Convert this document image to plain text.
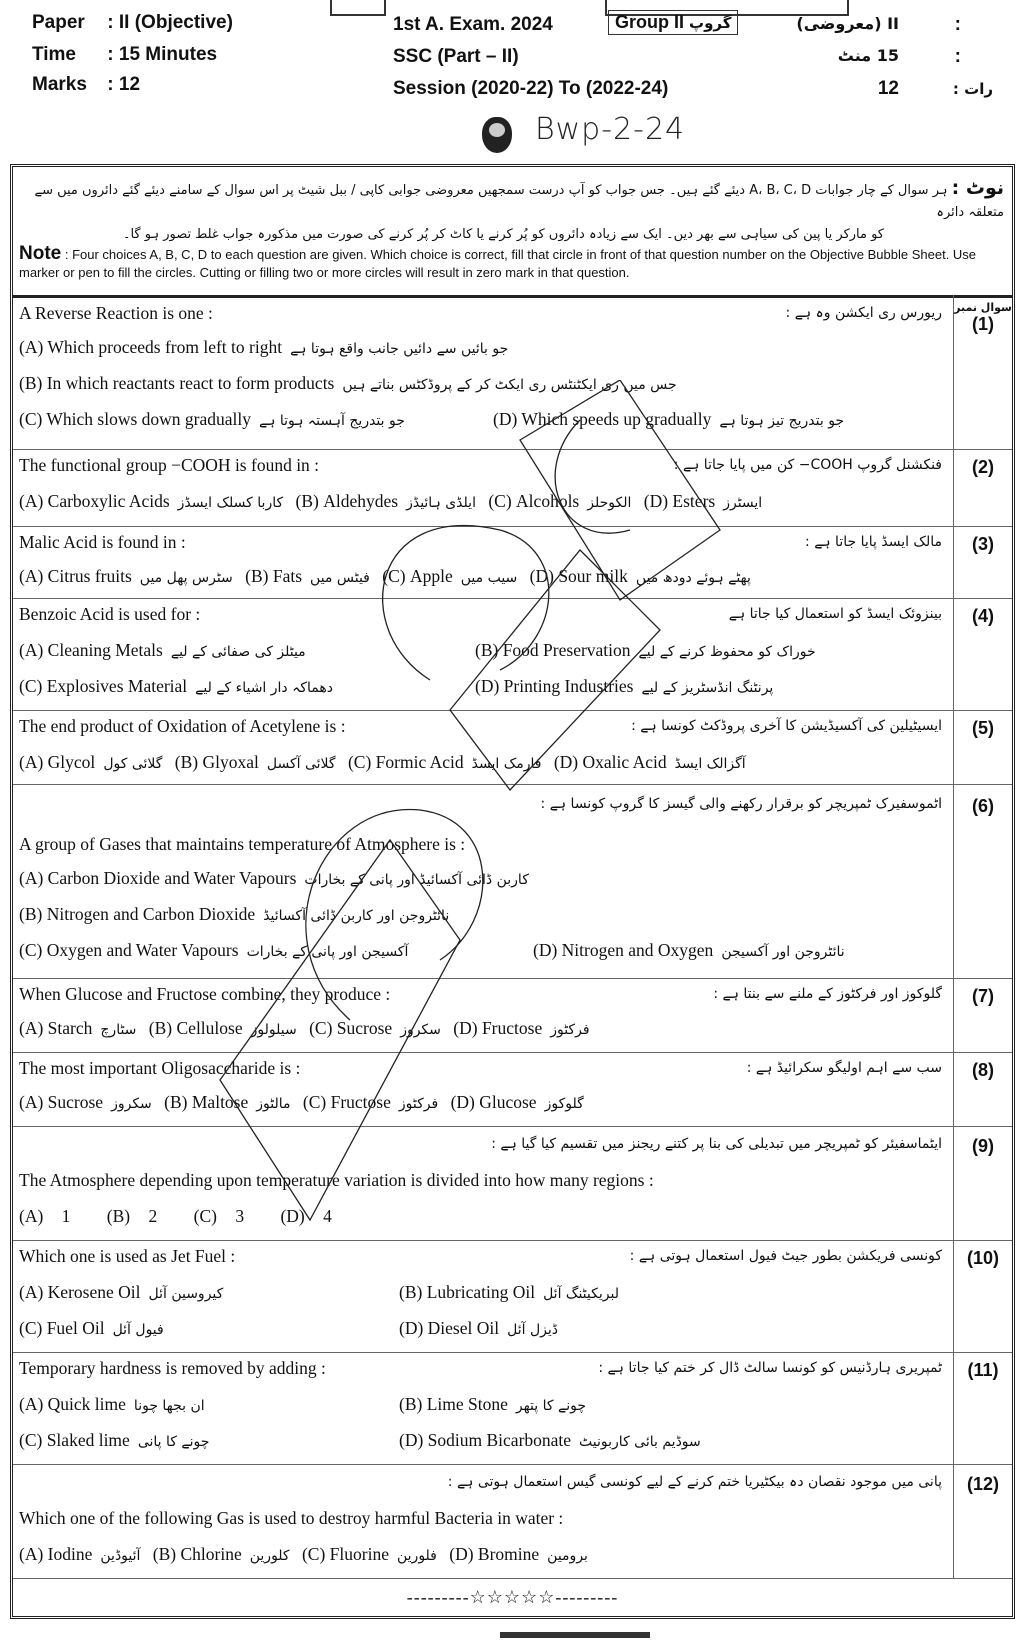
Paper : II (Objective)
Time : 15 Minutes
Marks : 12
1st A. Exam. 2024	Group II گروپ
SSC (Part – II)
Session (2020-22) To (2022-24)
II (معروضی)	:
15 منٹ	:
12	رات :
Bwp-2-24
نوٹ : ہر سوال کے چار جوابات A، B، C، D دیئے گئے ہیں۔ جس جواب کو آپ درست سمجھیں معروضی جوابی کاپی / ببل شیٹ پر اس سوال کے سامنے دیئے گئے دائروں میں سے متعلقہ دائرہ
کو مارکر یا پین کی سیاہی سے بھر دیں۔ ایک سے زیادہ دائروں کو پُر کرنے یا کاٹ کر پُر کرنے کی صورت میں مذکورہ جواب غلط تصور ہو گا۔
Note : Four choices A, B, C, D to each question are given. Which choice is correct, fill that circle in front of that question number on the Objective Bubble Sheet. Use marker or pen to fill the circles. Cutting or filling two or more circles will result in zero mark in that question.
A Reverse Reaction is one :	ریورس ری ایکشن وہ ہے :
(A) Which proceeds from left to right جو بائیں سے دائیں جانب واقع ہوتا ہے
(B) In which reactants react to form products جس میں ری ایکٹنٹس ری ایکٹ کر کے پروڈکٹس بناتے ہیں
(C) Which slows down gradually جو بتدریج آہستہ ہوتا ہے	(D) Which speeds up gradually جو بتدریج تیز ہوتا ہے
سوال نمبر
(1)
The functional group −COOH is found in :	فنکشنل گروپ COOH− کن میں پایا جاتا ہے :
(A) Carboxylic Acids کاربا کسلک ایسڈز (B) Aldehydes ایلڈی ہائیڈز (C) Alcohols الکوحلز (D) Esters ایسٹرز
(2)
Malic Acid is found in :	مالک ایسڈ پایا جاتا ہے :
(A) Citrus fruits سٹرس پھل میں (B) Fats فیٹس میں (C) Apple سیب میں (D) Sour milk پھٹے ہوئے دودھ میں
(3)
Benzoic Acid is used for :	بینزوئک ایسڈ کو استعمال کیا جاتا ہے
(A) Cleaning Metals میٹلز کی صفائی کے لیے	(B) Food Preservation خوراک کو محفوظ کرنے کے لیے
(C) Explosives Material دھماکہ دار اشیاء کے لیے	(D) Printing Industries پرنٹنگ انڈسٹریز کے لیے
(4)
The end product of Oxidation of Acetylene is :	ایسیٹیلین کی آکسیڈیشن کا آخری پروڈکٹ کونسا ہے :
(A) Glycol گلائی کول (B) Glyoxal گلائی آکسل (C) Formic Acid فارمک ایسڈ (D) Oxalic Acid آگزالک ایسڈ
(5)
اٹموسفیرک ٹمپریچر کو برقرار رکھنے والی گیسز کا گروپ کونسا ہے :
A group of Gases that maintains temperature of Atmosphere is :
(A) Carbon Dioxide and Water Vapours کاربن ڈائی آکسائیڈ اور پانی کے بخارات
(B) Nitrogen and Carbon Dioxide نائٹروجن اور کاربن ڈائی آکسائیڈ
(C) Oxygen and Water Vapours آکسیجن اور پانی کے بخارات	(D) Nitrogen and Oxygen نائٹروجن اور آکسیجن
(6)
When Glucose and Fructose combine, they produce :	گلوکوز اور فرکٹوز کے ملنے سے بنتا ہے :
(A) Starch سٹارچ (B) Cellulose سیلولوز (C) Sucrose سکروز (D) Fructose فرکٹوز
(7)
The most important Oligosaccharide is :	سب سے اہم اولیگو سکرائیڈ ہے :
(A) Sucrose سکروز (B) Maltose مالٹوز (C) Fructose فرکٹوز (D) Glucose گلوکوز
(8)
ایٹماسفیئر کو ٹمپریچر میں تبدیلی کی بنا پر کتنے ریجنز میں تقسیم کیا گیا ہے :
The Atmosphere depending upon temperature variation is divided into how many regions :
(A) 1 (B) 2 (C) 3 (D) 4
(9)
Which one is used as Jet Fuel :	کونسی فریکشن بطور جیٹ فیول استعمال ہوتی ہے :
(A) Kerosene Oil کیروسین آئل	(B) Lubricating Oil لبریکیٹنگ آئل
(C) Fuel Oil فیول آئل	(D) Diesel Oil ڈیزل آئل
(10)
Temporary hardness is removed by adding :	ٹمپریری ہارڈنیس کو کونسا سالٹ ڈال کر ختم کیا جاتا ہے :
(A) Quick lime ان بجھا چونا	(B) Lime Stone چونے کا پتھر
(C) Slaked lime چونے کا پانی	(D) Sodium Bicarbonate سوڈیم بائی کاربونیٹ
(11)
پانی میں موجود نقصان دہ بیکٹیریا ختم کرنے کے لیے کونسی گیس استعمال ہوتی ہے :
Which one of the following Gas is used to destroy harmful Bacteria in water :
(A) Iodine آئیوڈین (B) Chlorine کلورین (C) Fluorine فلورین (D) Bromine برومین
(12)
---------☆☆☆☆☆---------
